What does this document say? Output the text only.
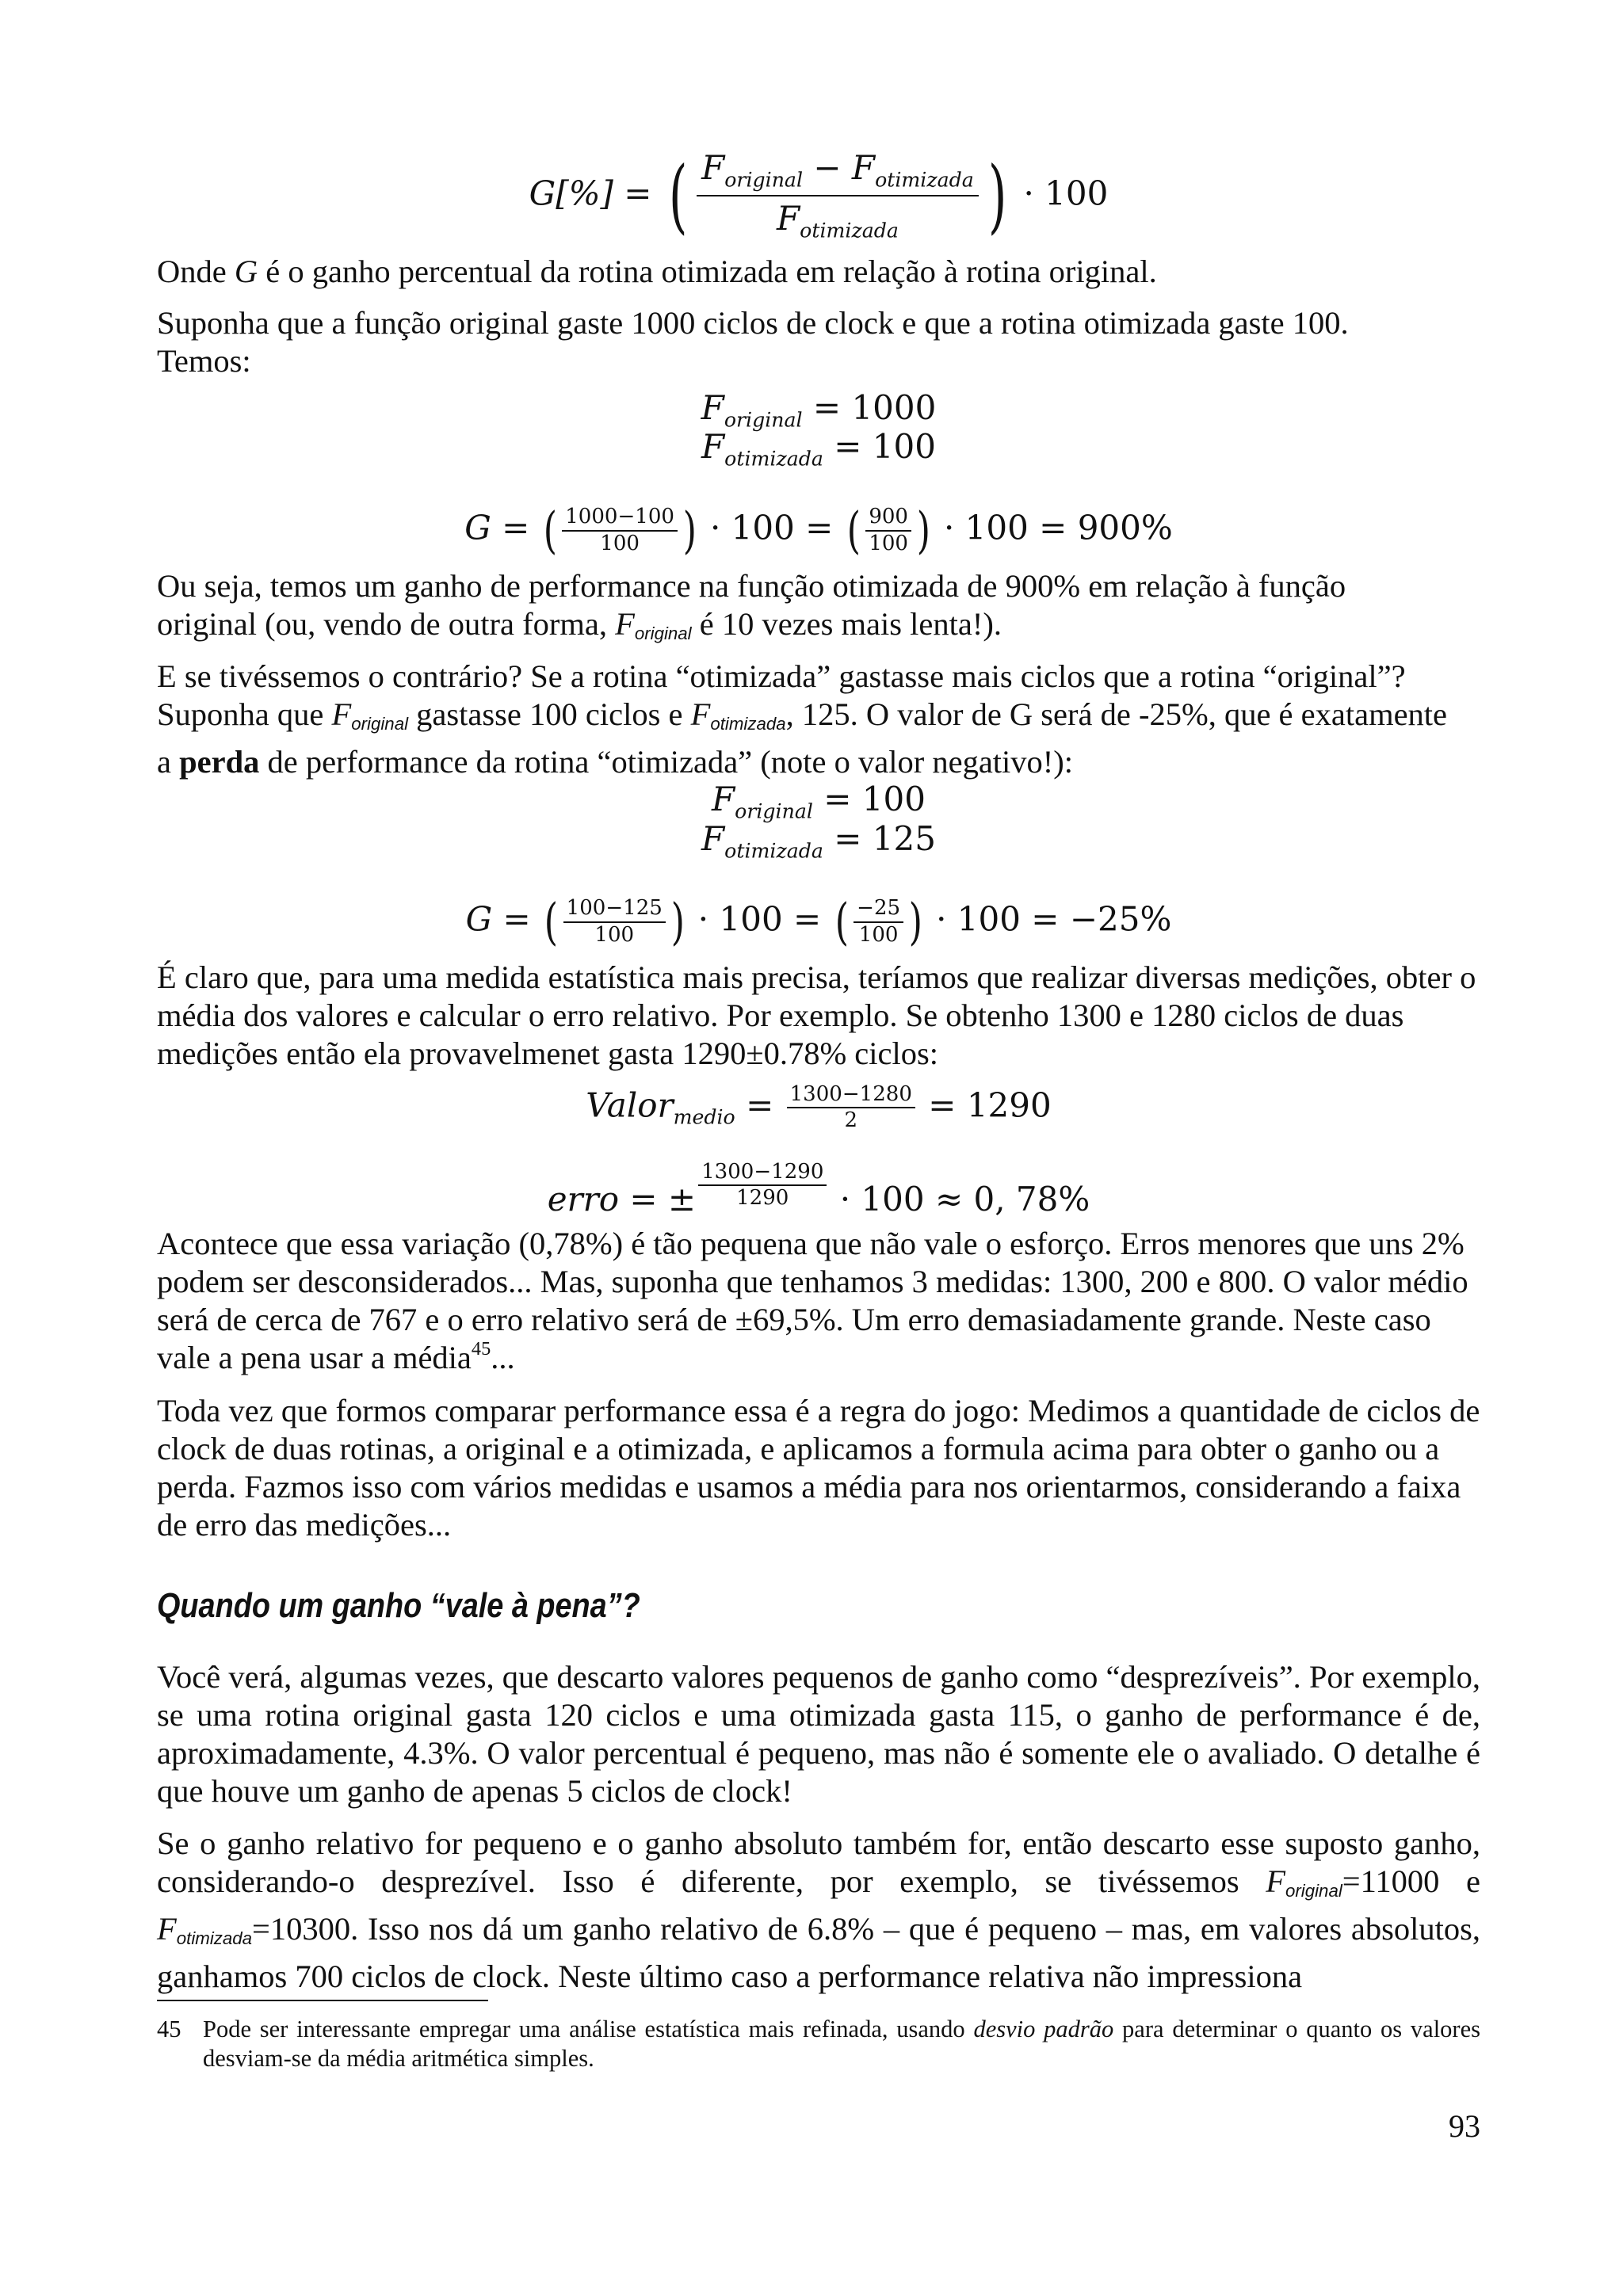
G[%] = ( $\frac{F_{original} - F_{otimizada}}{F_{otimizada}}$ ) · 100

Onde G é o ganho percentual da rotina otimizada em relação à rotina original.

Suponha que a função original gaste 1000 ciclos de clock e que a rotina otimizada gaste 100. Temos:

$F_{original} = 1000$
$F_{otimizada} = 100$
G = ( $\frac{1000-100}{100}$ ) · 100 = ( $\frac{900}{100}$ ) · 100 = 900%

Ou seja, temos um ganho de performance na função otimizada de 900% em relação à função original (ou, vendo de outra forma, Foriginal é 10 vezes mais lenta!).

E se tivéssemos o contrário? Se a rotina “otimizada” gastasse mais ciclos que a rotina “original”? Suponha que Foriginal gastasse 100 ciclos e Fotimizada, 125. O valor de G será de -25%, que é exatamente a perda de performance da rotina “otimizada” (note o valor negativo!):

$F_{original} = 100$
$F_{otimizada} = 125$
G = ( $\frac{100-125}{100}$ ) · 100 = ( $\frac{-25}{100}$ ) · 100 = −25%

É claro que, para uma medida estatística mais precisa, teríamos que realizar diversas medições, obter o média dos valores e calcular o erro relativo. Por exemplo. Se obtenho 1300 e 1280 ciclos de duas medições então ela provavelmenet gasta 1290±0.78% ciclos:

Valor$_{medio}$ = $\frac{1300-1280}{2} = 1290$
erro = ± $\frac{1300-1290}{1290} \cdot 100 \approx 0$, 78%

Acontece que essa variação (0,78%) é tão pequena que não vale o esforço. Erros menores que uns 2% podem ser desconsiderados... Mas, suponha que tenhamos 3 medidas: 1300, 200 e 800. O valor médio será de cerca de 767 e o erro relativo será de ±69,5%. Um erro demasiadamente grande. Neste caso vale a pena usar a média$^{45}$...

Toda vez que formos comparar performance essa é a regra do jogo: Medimos a quantidade de ciclos de clock de duas rotinas, a original e a otimizada, e aplicamos a formula acima para obter o ganho ou a perda. Fazmos isso com vários medidas e usamos a média para nos orientarmos, considerando a faixa de erro das medições...

Quando um ganho “vale à pena”?

Você verá, algumas vezes, que descarto valores pequenos de ganho como “desprezíveis”. Por exemplo, se uma rotina original gasta 120 ciclos e uma otimizada gasta 115, o ganho de performance é de, aproximadamente, 4.3%. O valor percentual é pequeno, mas não é somente ele o avaliado. O detalhe é que houve um ganho de apenas 5 ciclos de clock!

Se o ganho relativo for pequeno e o ganho absoluto também for, então descarto esse suposto ganho, considerando-o desprezível. Isso é diferente, por exemplo, se tivéssemos Foriginal=11000 e Fotimizada=10300. Isso nos dá um ganho relativo de 6.8% – que é pequeno – mas, em valores absolutos, ganhamos 700 ciclos de clock. Neste último caso a performance relativa não impressiona

45 Pode ser interessante empregar uma análise estatística mais refinada, usando desvio padrão para determinar o quanto os valores desviam-se da média aritmética simples.
93
